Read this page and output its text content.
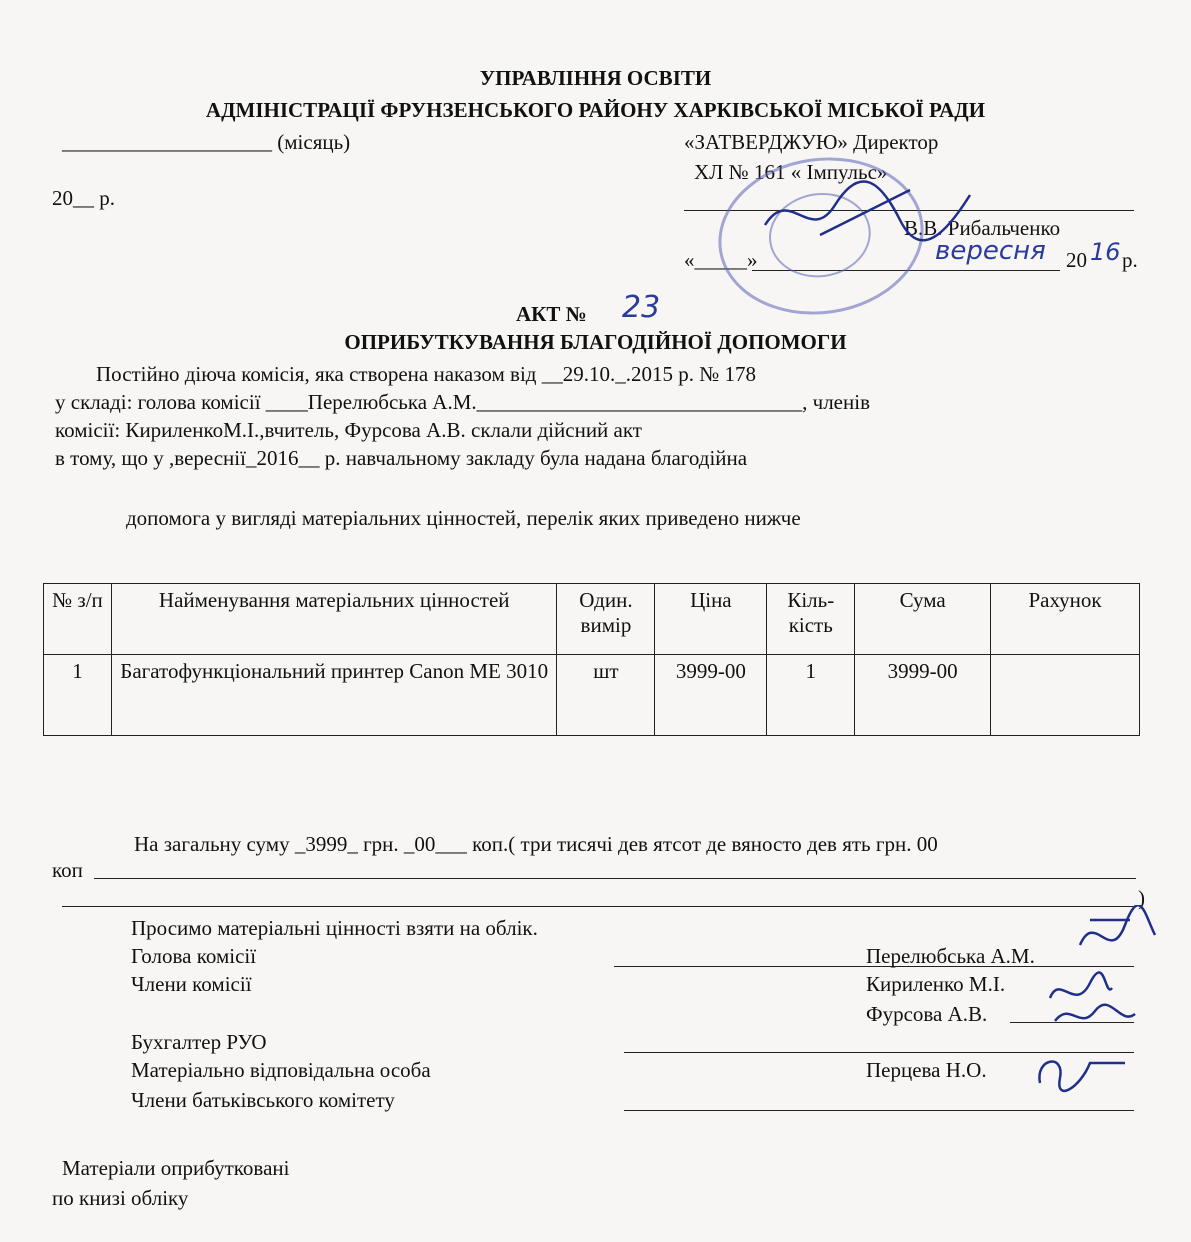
УПРАВЛІННЯ ОСВІТИ
АДМІНІСТРАЦІЇ ФРУНЗЕНСЬКОГО РАЙОНУ ХАРКІВСЬКОЇ МІСЬКОЇ РАДИ
____________________ (місяць)
20__ р.
«ЗАТВЕРДЖУЮ» Директор
ХЛ № 161 « Імпульс»
В.В. Рибальченко
«_____»	вересня 20 16 р.
АКТ № 23
ОПРИБУТКУВАННЯ БЛАГОДІЙНОЇ ДОПОМОГИ
Постійно діюча комісія, яка створена наказом від __29.10._.2015 р. № 178
у складі: голова комісії ____Перелюбська А.М._______________________________, членів
комісії: КириленкоМ.І.,вчитель, Фурсова А.В. склали дійсний акт
в тому, що у ,вереснії_2016__ р. навчальному закладу була надана благодійна
допомога у вигляді матеріальних цінностей, перелік яких приведено нижче
№ з/п	Найменування матеріальних цінностей	Один. вимір	Ціна	Кіль-кість	Сума	Рахунок
1	Багатофункціональний принтер Canon ME 3010	шт	3999-00	1	3999-00	
На загальну суму _3999_ грн. _00___ коп.( три тисячі дев ятсот де вяносто дев ять грн. 00
коп
)
Просимо матеріальні цінності взяти на облік.
Голова комісії	Перелюбська А.М.
Члени комісії	Кириленко М.І.
Фурсова А.В.
Бухгалтер РУО
Матеріально відповідальна особа	Перцева Н.О.
Члени батьківського комітету
Матеріали оприбутковані
по книзі обліку
